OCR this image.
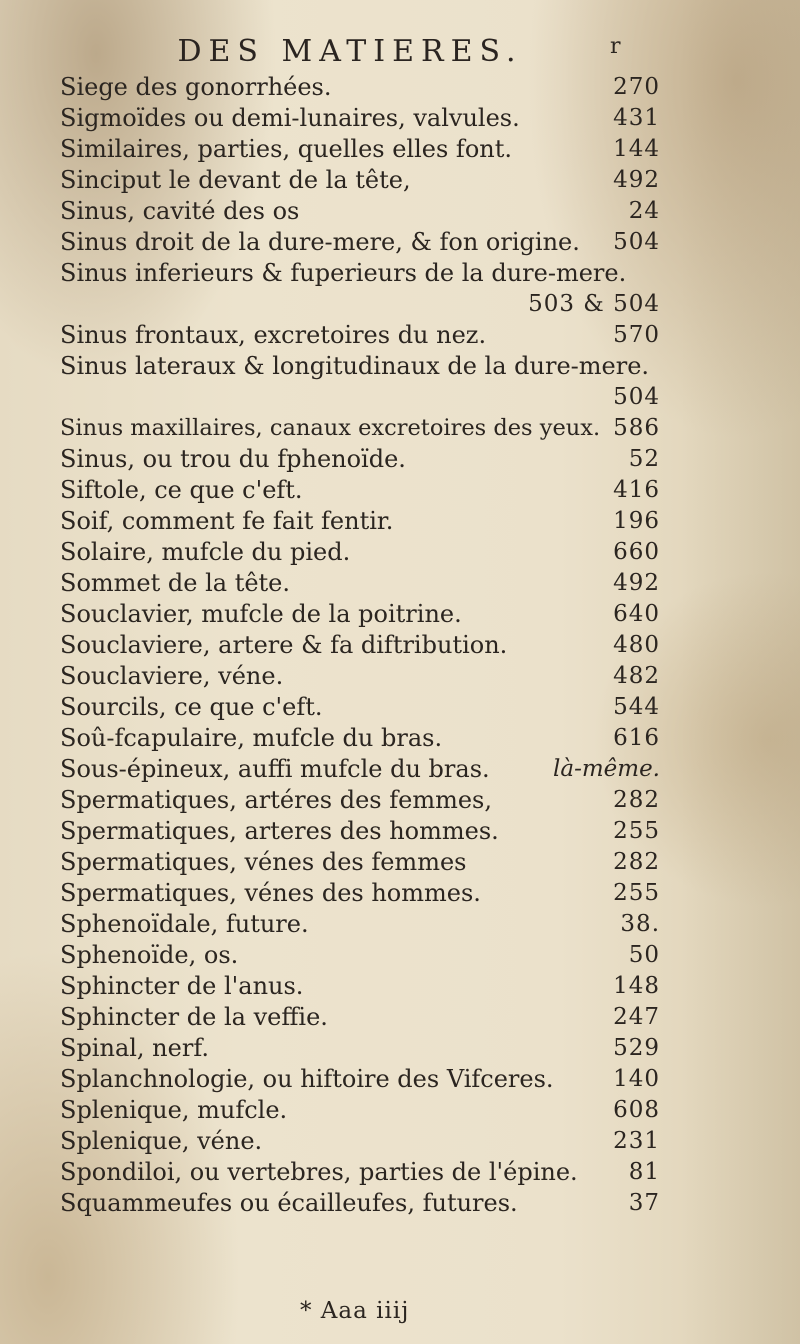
DES MATIERES.	r
Siege des gonorrhées.	270
Sigmoïdes ou demi-lunaires, valvules.	431
Similaires, parties, quelles elles font.	144
Sinciput le devant de la tête,	492
Sinus, cavité des os	24
Sinus droit de la dure-mere, & fon origine. 504
Sinus inferieurs & fuperieurs de la dure-mere.
503 & 504
Sinus frontaux, excretoires du nez.	570
Sinus lateraux & longitudinaux de la dure-mere.
504
Sinus maxillaires, canaux excretoires des yeux. 586
Sinus, ou trou du fphenoïde.	52
Siftole, ce que c'eft.	416
Soif, comment fe fait fentir.	196
Solaire, mufcle du pied.	660
Sommet de la tête.	492
Souclavier, mufcle de la poitrine.	640
Souclaviere, artere & fa diftribution.	480
Souclaviere, véne.	482
Sourcils, ce que c'eft.	544
Soû-fcapulaire, mufcle du bras.	616
Sous-épineux, auffi mufcle du bras.	là-même.
Spermatiques, artéres des femmes,	282
Spermatiques, arteres des hommes.	255
Spermatiques, vénes des femmes	282
Spermatiques, vénes des hommes.	255
Sphenoïdale, future.	38.
Sphenoïde, os.	50
Sphincter de l'anus.	148
Sphincter de la veffie.	247
Spinal, nerf.	529
Splanchnologie, ou hiftoire des Vifceres.	140
Splenique, mufcle.	608
Splenique, véne.	231
Spondiloi, ou vertebres, parties de l'épine. 81
Squammeufes ou écailleufes, futures.	37
* Aaa iiij
